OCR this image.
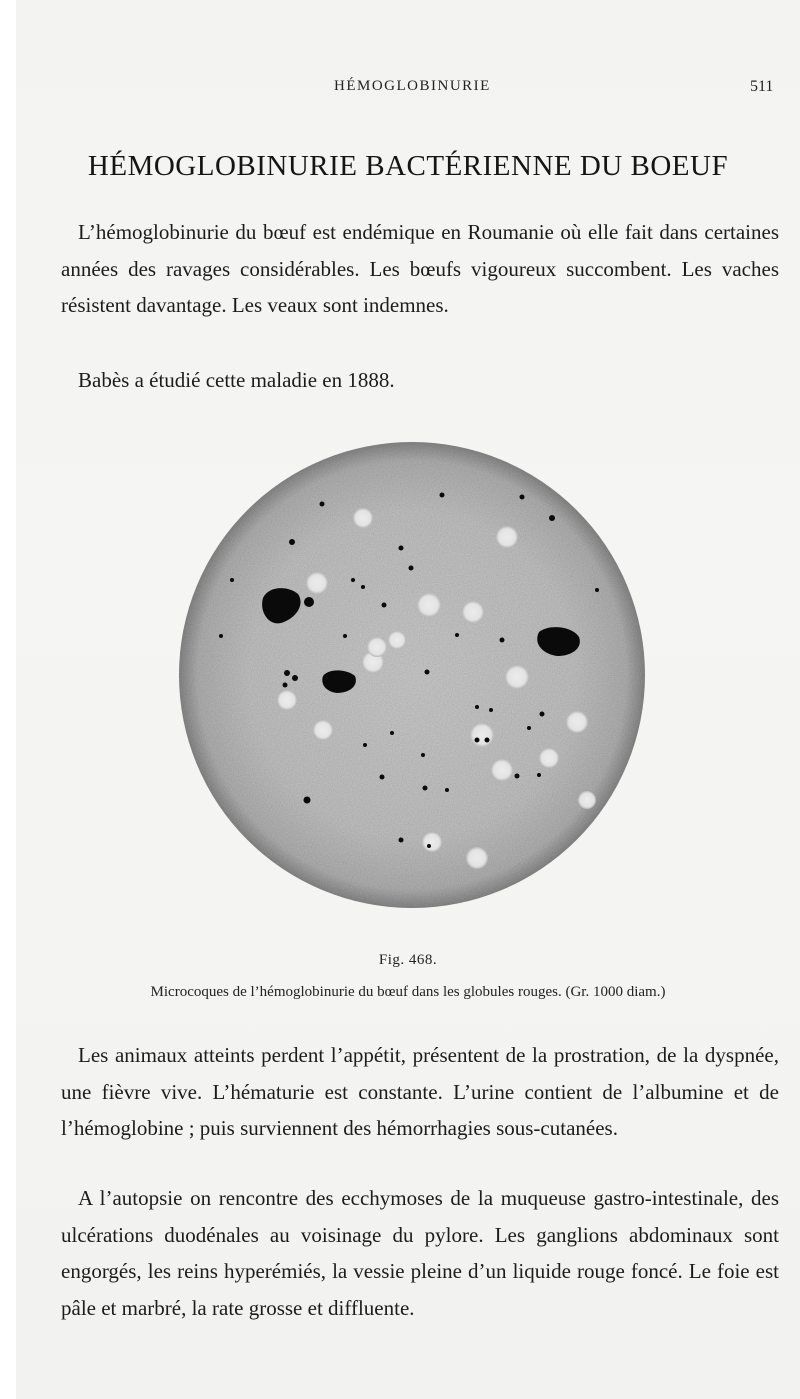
HÉMOGLOBINURIE	511
HÉMOGLOBINURIE BACTÉRIENNE DU BOEUF

L’hémoglobinurie du bœuf est endémique en Roumanie où elle fait dans certaines années des ravages considérables. Les bœufs vigoureux succombent. Les vaches résistent davantage. Les veaux sont indemnes.

Babès a étudié cette maladie en 1888.

Fig. 468.
Microcoques de l’hémoglobinurie du bœuf dans les globules rouges. (Gr. 1000 diam.)

Les animaux atteints perdent l’appétit, présentent de la prostration, de la dyspnée, une fièvre vive. L’hématurie est constante. L’urine contient de l’albumine et de l’hémoglobine ; puis surviennent des hémorrhagies sous-cutanées.

A l’autopsie on rencontre des ecchymoses de la muqueuse gastro-intestinale, des ulcérations duodénales au voisinage du pylore. Les ganglions abdominaux sont engorgés, les reins hyperémiés, la vessie pleine d’un liquide rouge foncé. Le foie est pâle et marbré, la rate grosse et diffluente.
